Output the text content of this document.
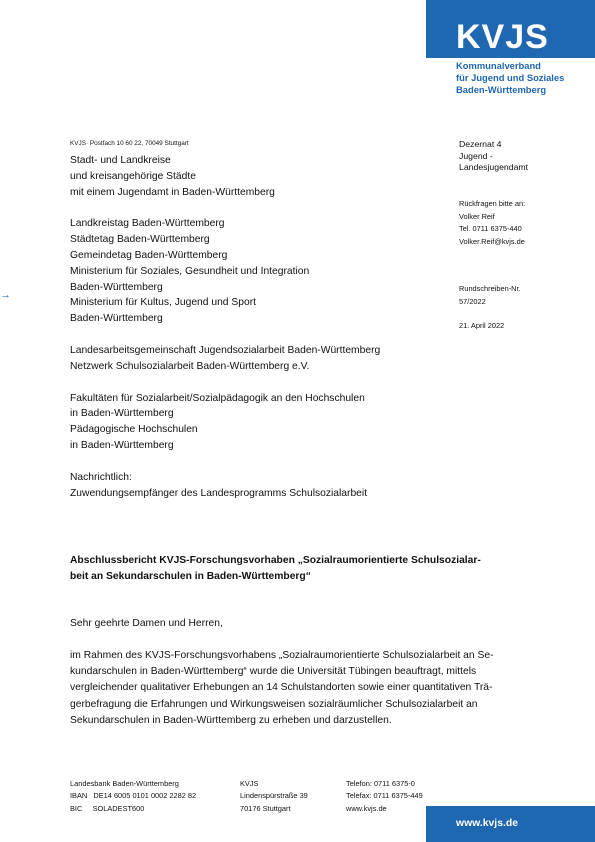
KVJS
Kommunalverband
für Jugend und Soziales
Baden-Württemberg
KVJS· Postfach 10 60 22, 70049 Stuttgart
→
Stadt- und Landkreise
und kreisangehörige Städte
mit einem Jugendamt in Baden-Württemberg
Landkreistag Baden-Württemberg
Städtetag Baden-Württemberg
Gemeindetag Baden-Württemberg
Ministerium für Soziales, Gesundheit und Integration
Baden-Württemberg
Ministerium für Kultus, Jugend und Sport
Baden-Württemberg
Landesarbeitsgemeinschaft Jugendsozialarbeit Baden-Württemberg
Netzwerk Schulsozialarbeit Baden-Württemberg e.V.
Fakultäten für Sozialarbeit/Sozialpädagogik an den Hochschulen
in Baden-Württemberg
Pädagogische Hochschulen
in Baden-Württemberg
Nachrichtlich:
Zuwendungsempfänger des Landesprogramms Schulsozialarbeit
Dezernat 4
Jugend -
Landesjugendamt
Rückfragen bitte an:
Volker Reif
Tel. 0711 6375-440
Volker.Reif@kvjs.de
Rundschreiben-Nr.
57/2022
21. April 2022
Abschlussbericht KVJS-Forschungsvorhaben „Sozialraumorientierte Schulsozialar-
beit an Sekundarschulen in Baden-Württemberg“
Sehr geehrte Damen und Herren,
im Rahmen des KVJS-Forschungsvorhabens „Sozialraumorientierte Schulsozialarbeit an Se-
kundarschulen in Baden-Württemberg“ wurde die Universität Tübingen beauftragt, mittels
vergleichender qualitativer Erhebungen an 14 Schulstandorten sowie einer quantitativen Trä-
gerbefragung die Erfahrungen und Wirkungsweisen sozialräumlicher Schulsozialarbeit an
Sekundarschulen in Baden-Württemberg zu erheben und darzustellen.
Landesbank Baden-Württemberg
IBAN   DE14 6005 0101 0002 2282 82
BIC     SOLADEST600
KVJS
Lindenspürstraße 39
70176 Stuttgart
Telefon: 0711 6375-0
Telefax: 0711 6375-449
www.kvjs.de
www.kvjs.de
